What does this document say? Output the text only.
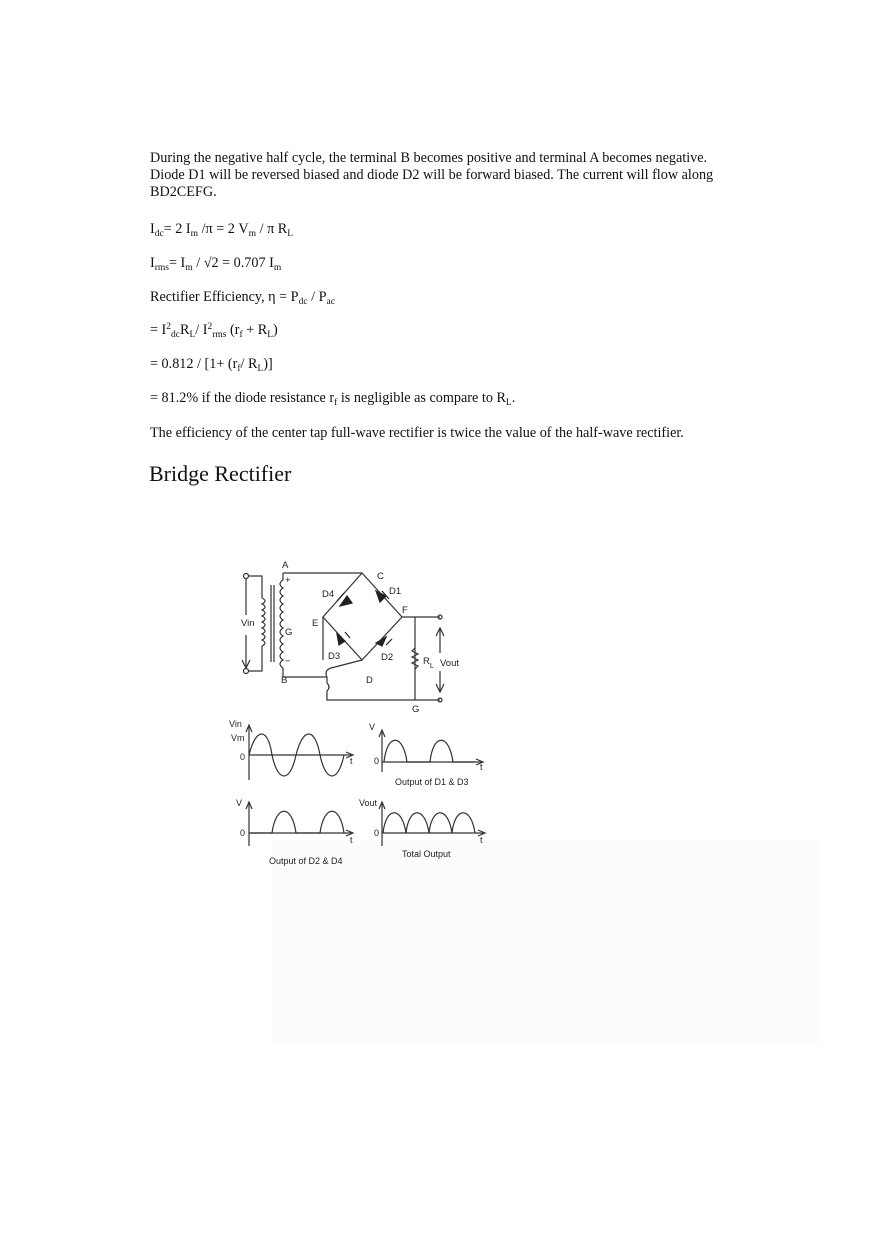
During the negative half cycle, the terminal B becomes positive and terminal A becomes negative. Diode D1 will be reversed biased and diode D2 will be forward biased. The current will flow along BD2CEFG.

$I_{dc}= 2$ $I_m$ /π = 2 $V_m$ / π $R_L$

$I_{rms}= I_m / √2 = 0.707$ $I_m$

Rectifier Efficiency, $\eta = P_{dc} / P_{ac}$

= $I^2_{dc}R_L/$ $I^2_{rms}$ $(r_f + R_L)$

= $0.812 / [1+ (r_f/$ $R_L$)]

= 81.2% if the diode resistance $r_f$ is negligible as compare to $R_L$.

The efficiency of the center tap full-wave rectifier is twice the value of the half-wave rectifier.

Bridge Rectifier
A
C
D1
D4
F
E
G
Vin
D3	D2	$R_L$ Vout
B	D
G
+
−
Vin
Vm
0	t
V
0
t
Output of D1 & D3
V
0
t
Output of D2 & D4
Vout
0
t
Total Output
